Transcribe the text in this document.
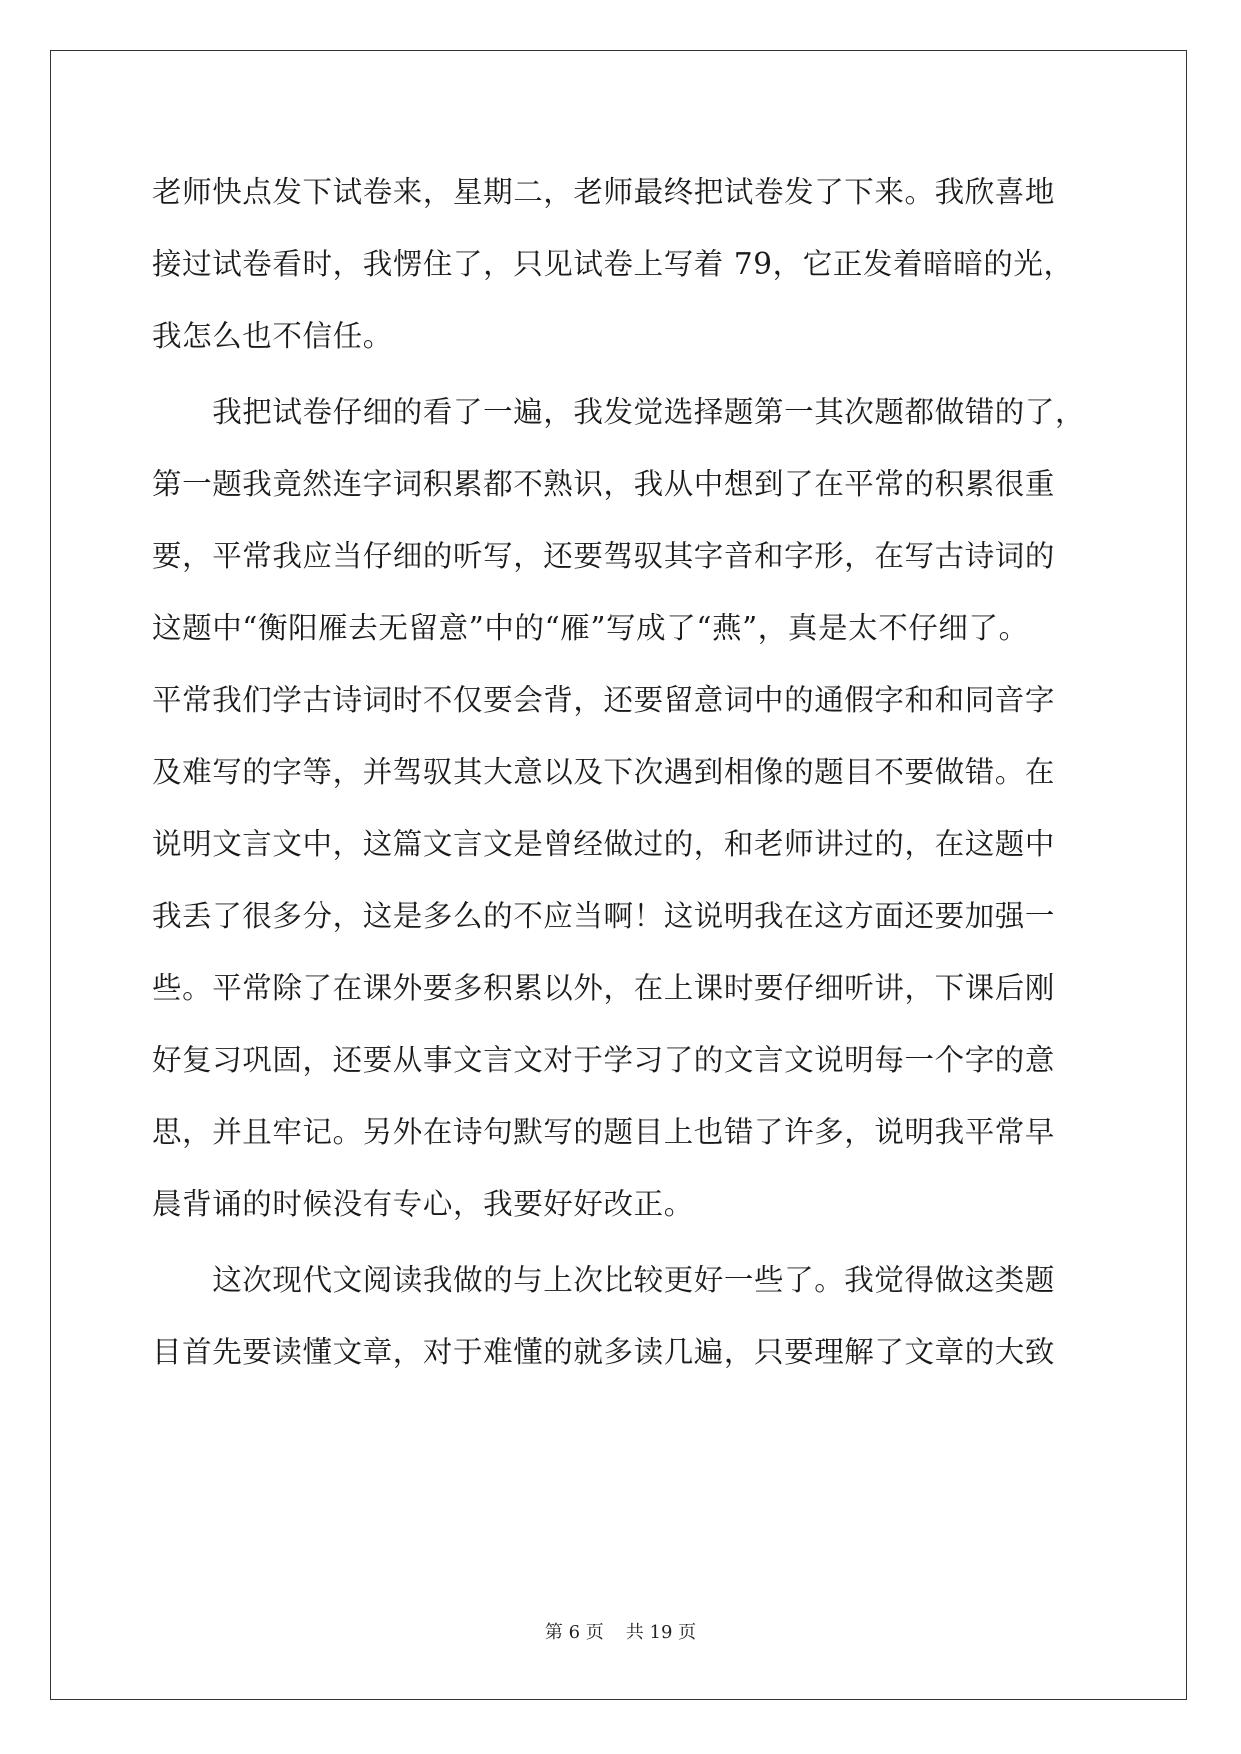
老师快点发下试卷来，星期二，老师最终把试卷发了下来。我欣喜地
接过试卷看时，我愣住了，只见试卷上写着 79，它正发着暗暗的光，
我怎么也不信任。
　　我把试卷仔细的看了一遍，我发觉选择题第一其次题都做错的了，
第一题我竟然连字词积累都不熟识，我从中想到了在平常的积累很重
要，平常我应当仔细的听写，还要驾驭其字音和字形，在写古诗词的
这题中“衡阳雁去无留意”中的“雁”写成了“燕”，真是太不仔细了。
平常我们学古诗词时不仅要会背，还要留意词中的通假字和和同音字
及难写的字等，并驾驭其大意以及下次遇到相像的题目不要做错。在
说明文言文中，这篇文言文是曾经做过的，和老师讲过的，在这题中
我丢了很多分，这是多么的不应当啊！这说明我在这方面还要加强一
些。平常除了在课外要多积累以外，在上课时要仔细听讲，下课后刚
好复习巩固，还要从事文言文对于学习了的文言文说明每一个字的意
思，并且牢记。另外在诗句默写的题目上也错了许多，说明我平常早
晨背诵的时候没有专心，我要好好改正。
　　这次现代文阅读我做的与上次比较更好一些了。我觉得做这类题
目首先要读懂文章，对于难懂的就多读几遍，只要理解了文章的大致
第 6 页 共 19 页
